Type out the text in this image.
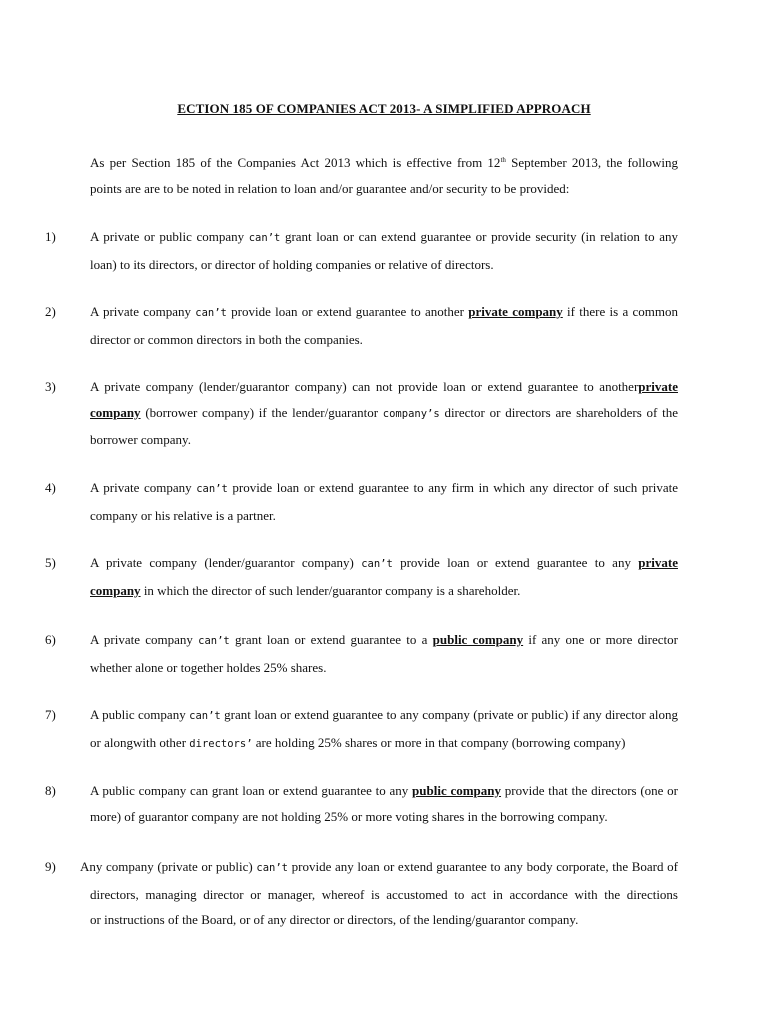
ECTION 185 OF COMPANIES ACT 2013- A SIMPLIFIED APPROACH
As per Section 185 of the Companies Act 2013 which is effective from 12th September 2013, the following points are are to be noted in relation to loan and/or guarantee and/or security to be provided:
1)	A private or public company can’t grant loan or can extend guarantee or provide security (in relation to any
loan) to its directors, or director of holding companies or relative of directors.
2)	A private company can’t provide loan or extend guarantee to another private company if there is a common
director or common directors in both the companies.
3)	A private company (lender/guarantor company) can not provide loan or extend guarantee to anotherprivate
company (borrower company) if the lender/guarantor company’s director or directors are shareholders of the
borrower company.
4)	A private company can’t provide loan or extend guarantee to any firm in which any director of such private
company or his relative is a partner.
5)	A private company (lender/guarantor company) can’t provide loan or extend guarantee to any private
company in which the director of such lender/guarantor company is a shareholder.
6)	A private company can’t grant loan or extend guarantee to a public company if any one or more director
whether alone or together holdes 25% shares.
7)	A public company can’t grant loan or extend guarantee to any company (private or public) if any director along
or alongwith other directors’ are holding 25% shares or more in that company (borrowing company)
8)	A public company can grant loan or extend guarantee to any public company provide that the directors (one or
more) of guarantor company are not holding 25% or more voting shares in the borrowing company.
9) Any company (private or public) can’t provide any loan or extend guarantee to any body corporate, the Board of
directors, managing director or manager, whereof is accustomed to act in accordance with the directions
or instructions of the Board, or of any director or directors, of the lending/guarantor company.
